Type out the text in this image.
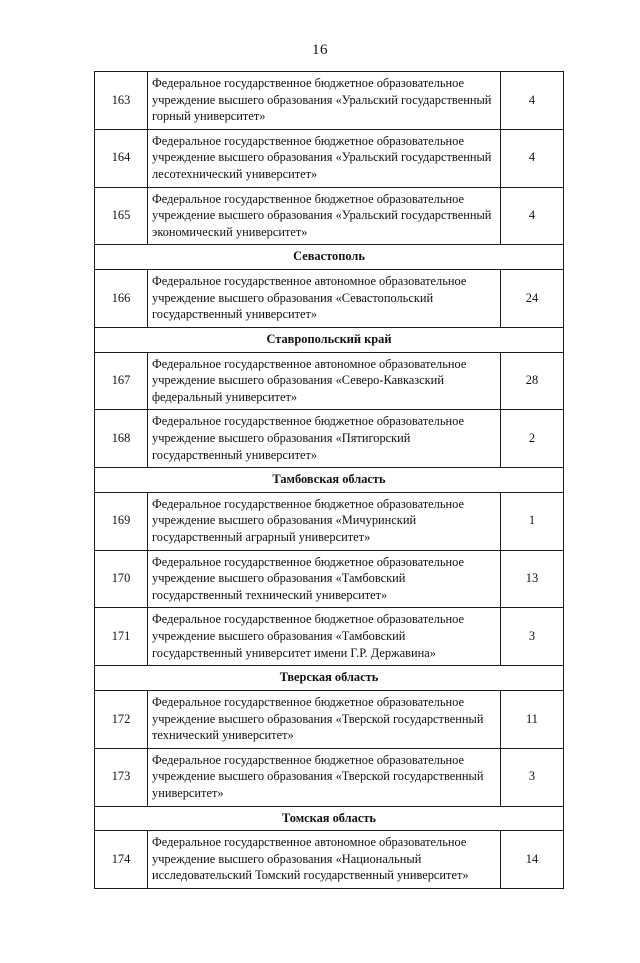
16
163	Федеральное государственное бюджетное образовательное учреждение высшего образования «Уральский государственный горный университет»	4
164	Федеральное государственное бюджетное образовательное учреждение высшего образования «Уральский государственный лесотехнический университет»	4
165	Федеральное государственное бюджетное образовательное учреждение высшего образования «Уральский государственный экономический университет»	4
Севастополь		
166	Федеральное государственное автономное образовательное учреждение высшего образования «Севастопольский государственный университет»	24
Ставропольский край		
167	Федеральное государственное автономное образовательное учреждение высшего образования «Северо-Кавказский федеральный университет»	28
168	Федеральное государственное бюджетное образовательное учреждение высшего образования «Пятигорский государственный университет»	2
Тамбовская область		
169	Федеральное государственное бюджетное образовательное учреждение высшего образования «Мичуринский государственный аграрный университет»	1
170	Федеральное государственное бюджетное образовательное учреждение высшего образования «Тамбовский государственный технический университет»	13
171	Федеральное государственное бюджетное образовательное учреждение высшего образования «Тамбовский государственный университет имени Г.Р. Державина»	3
Тверская область		
172	Федеральное государственное бюджетное образовательное учреждение высшего образования «Тверской государственный технический университет»	11
173	Федеральное государственное бюджетное образовательное учреждение высшего образования «Тверской государственный университет»	3
Томская область		
174	Федеральное государственное автономное образовательное учреждение высшего образования «Национальный исследовательский Томский государственный университет»	14
